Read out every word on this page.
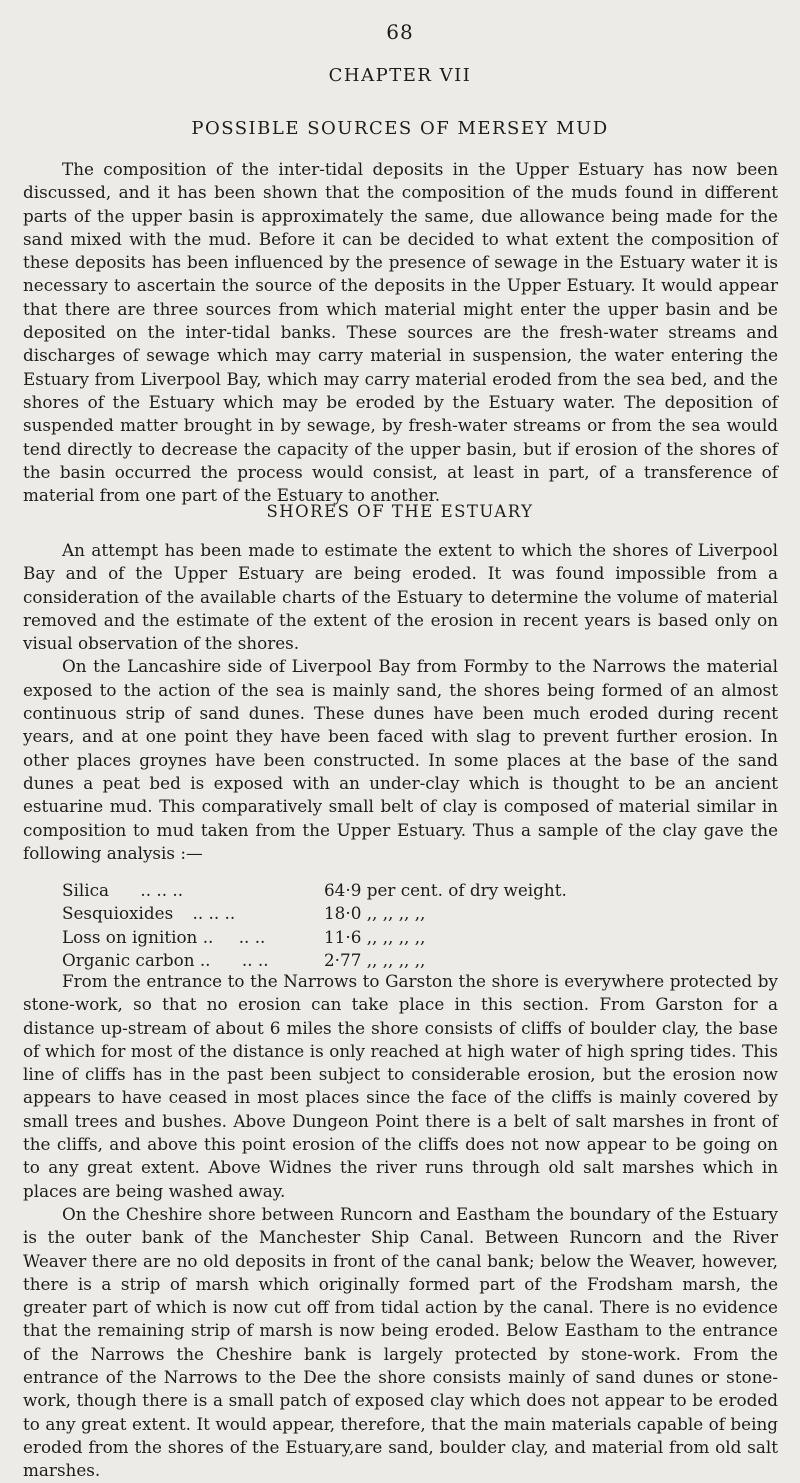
68
CHAPTER VII
POSSIBLE SOURCES OF MERSEY MUD

The composition of the inter-tidal deposits in the Upper Estuary has now been discussed, and it has been shown that the composition of the muds found in different parts of the upper basin is approximately the same, due allowance being made for the sand mixed with the mud. Before it can be decided to what extent the composition of these deposits has been influenced by the presence of sewage in the Estuary water it is necessary to ascertain the source of the deposits in the Upper Estuary. It would appear that there are three sources from which material might enter the upper basin and be deposited on the inter-tidal banks. These sources are the fresh-water streams and discharges of sewage which may carry material in suspension, the water entering the Estuary from Liverpool Bay, which may carry material eroded from the sea bed, and the shores of the Estuary which may be eroded by the Estuary water. The deposition of suspended matter brought in by sewage, by fresh-water streams or from the sea would tend directly to decrease the capacity of the upper basin, but if erosion of the shores of the basin occurred the process would consist, at least in part, of a transference of material from one part of the Estuary to another.

SHORES OF THE ESTUARY

An attempt has been made to estimate the extent to which the shores of Liverpool Bay and of the Upper Estuary are being eroded. It was found impossible from a consideration of the available charts of the Estuary to determine the volume of material removed and the estimate of the extent of the erosion in recent years is based only on visual observation of the shores.

On the Lancashire side of Liverpool Bay from Formby to the Narrows the material exposed to the action of the sea is mainly sand, the shores being formed of an almost continuous strip of sand dunes. These dunes have been much eroded during recent years, and at one point they have been faced with slag to prevent further erosion. In other places groynes have been constructed. In some places at the base of the sand dunes a peat bed is exposed with an under-clay which is thought to be an ancient estuarine mud. This comparatively small belt of clay is composed of material similar in composition to mud taken from the Upper Estuary. Thus a sample of the clay gave the following analysis :—

Silica .. .. ..	64·9 per cent. of dry weight.
Sesquioxides .. .. ..	18·0 ,, ,, ,, ,,
Loss on ignition .. .. ..	11·6 ,, ,, ,, ,,
Organic carbon .. .. ..	2·77 ,, ,, ,, ,,

From the entrance to the Narrows to Garston the shore is everywhere protected by stone-work, so that no erosion can take place in this section. From Garston for a distance up-stream of about 6 miles the shore consists of cliffs of boulder clay, the base of which for most of the distance is only reached at high water of high spring tides. This line of cliffs has in the past been subject to considerable erosion, but the erosion now appears to have ceased in most places since the face of the cliffs is mainly covered by small trees and bushes. Above Dungeon Point there is a belt of salt marshes in front of the cliffs, and above this point erosion of the cliffs does not now appear to be going on to any great extent. Above Widnes the river runs through old salt marshes which in places are being washed away.

On the Cheshire shore between Runcorn and Eastham the boundary of the Estuary is the outer bank of the Manchester Ship Canal. Between Runcorn and the River Weaver there are no old deposits in front of the canal bank; below the Weaver, however, there is a strip of marsh which originally formed part of the Frodsham marsh, the greater part of which is now cut off from tidal action by the canal. There is no evidence that the remaining strip of marsh is now being eroded. Below Eastham to the entrance of the Narrows the Cheshire bank is largely protected by stone-work. From the entrance of the Narrows to the Dee the shore consists mainly of sand dunes or stone-work, though there is a small patch of exposed clay which does not appear to be eroded to any great extent. It would appear, therefore, that the main materials capable of being eroded from the shores of the Estuary,are sand, boulder clay, and material from old salt marshes.
